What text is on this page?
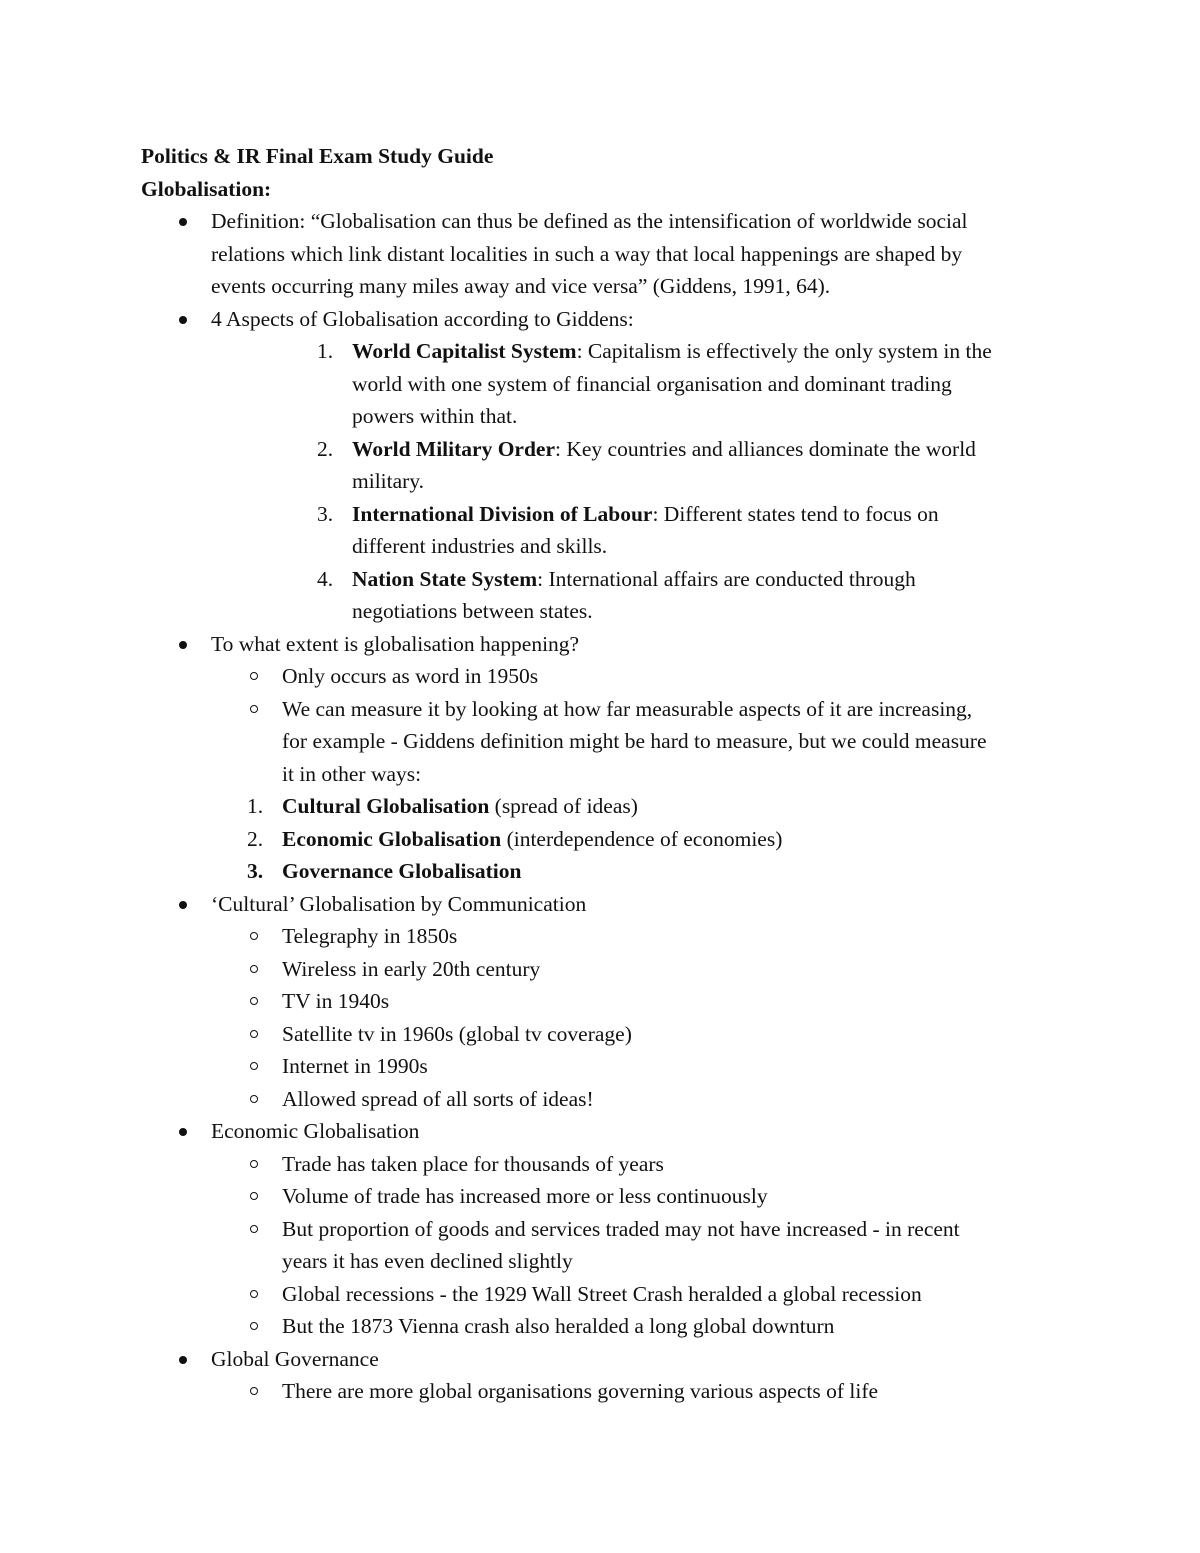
Politics & IR Final Exam Study Guide
Globalisation:
Definition: “Globalisation can thus be defined as the intensification of worldwide social
relations which link distant localities in such a way that local happenings are shaped by
events occurring many miles away and vice versa” (Giddens, 1991, 64).
4 Aspects of Globalisation according to Giddens:
1. World Capitalist System: Capitalism is effectively the only system in the
world with one system of financial organisation and dominant trading
powers within that.
2. World Military Order: Key countries and alliances dominate the world
military.
3. International Division of Labour: Different states tend to focus on
different industries and skills.
4. Nation State System: International affairs are conducted through
negotiations between states.
To what extent is globalisation happening?
Only occurs as word in 1950s
We can measure it by looking at how far measurable aspects of it are increasing,
for example - Giddens definition might be hard to measure, but we could measure
it in other ways:
1. Cultural Globalisation (spread of ideas)
2. Economic Globalisation (interdependence of economies)
3. Governance Globalisation
‘Cultural’ Globalisation by Communication
Telegraphy in 1850s
Wireless in early 20th century
TV in 1940s
Satellite tv in 1960s (global tv coverage)
Internet in 1990s
Allowed spread of all sorts of ideas!
Economic Globalisation
Trade has taken place for thousands of years
Volume of trade has increased more or less continuously
But proportion of goods and services traded may not have increased - in recent
years it has even declined slightly
Global recessions - the 1929 Wall Street Crash heralded a global recession
But the 1873 Vienna crash also heralded a long global downturn
Global Governance
There are more global organisations governing various aspects of life
